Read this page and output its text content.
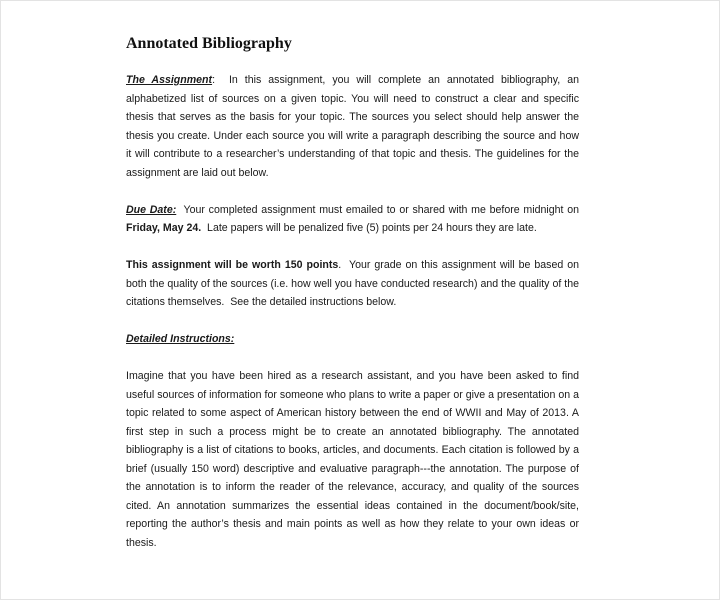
Annotated Bibliography

The Assignment:  In this assignment, you will complete an annotated bibliography, an alphabetized list of sources on a given topic. You will need to construct a clear and specific thesis that serves as the basis for your topic. The sources you select should help answer the thesis you create. Under each source you will write a paragraph describing the source and how it will contribute to a researcher’s understanding of that topic and thesis. The guidelines for the assignment are laid out below.

Due Date:  Your completed assignment must emailed to or shared with me before midnight on Friday, May 24.  Late papers will be penalized five (5) points per 24 hours they are late.

This assignment will be worth 150 points.  Your grade on this assignment will be based on both the quality of the sources (i.e. how well you have conducted research) and the quality of the citations themselves.  See the detailed instructions below.

Detailed Instructions:

Imagine that you have been hired as a research assistant, and you have been asked to find useful sources of information for someone who plans to write a paper or give a presentation on a topic related to some aspect of American history between the end of WWII and May of 2013. A first step in such a process might be to create an annotated bibliography. The annotated bibliography is a list of citations to books, articles, and documents. Each citation is followed by a brief (usually 150 word) descriptive and evaluative paragraph---the annotation. The purpose of the annotation is to inform the reader of the relevance, accuracy, and quality of the sources cited. An annotation summarizes the essential ideas contained in the document/book/site, reporting the author’s thesis and main points as well as how they relate to your own ideas or thesis.
